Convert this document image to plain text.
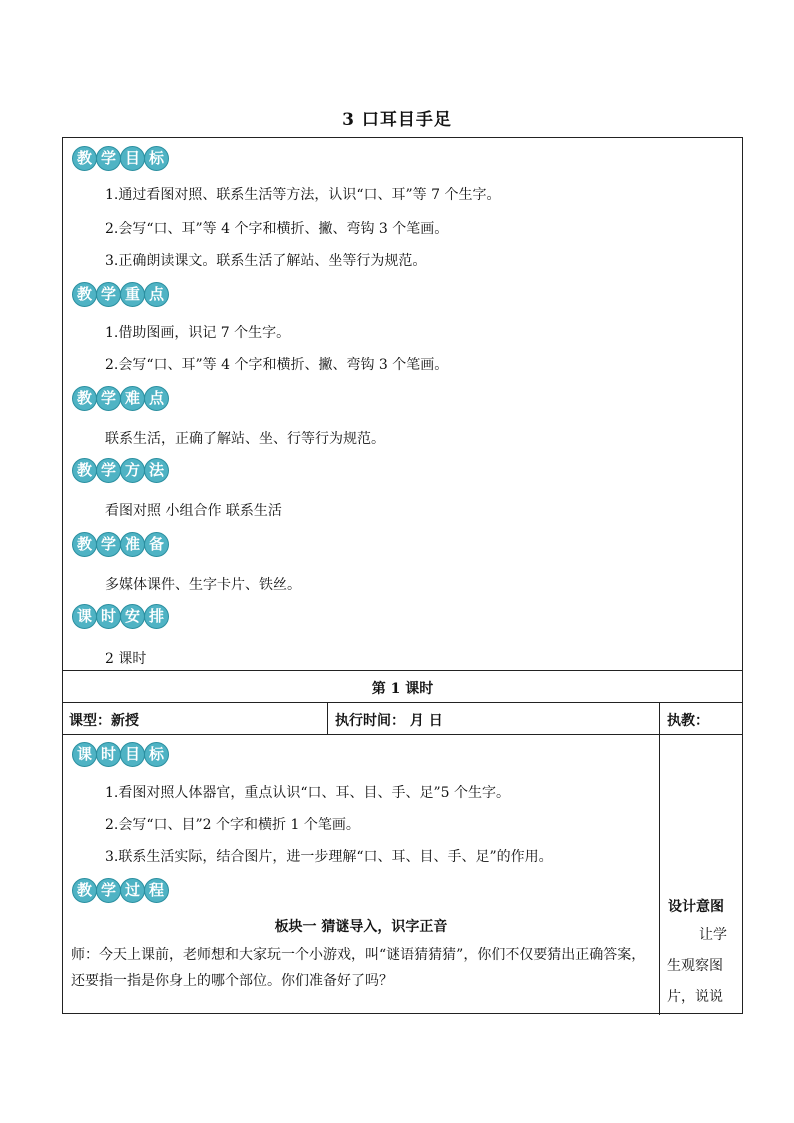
3 口耳目手足
教 学 目 标
1.通过看图对照、联系生活等方法，认识“口、耳”等 7 个生字。
2.会写“口、耳”等 4 个字和横折、撇、弯钩 3 个笔画。
3.正确朗读课文。联系生活了解站、坐等行为规范。
教 学 重 点
1.借助图画，识记 7 个生字。
2.会写“口、耳”等 4 个字和横折、撇、弯钩 3 个笔画。
教 学 难 点
联系生活，正确了解站、坐、行等行为规范。
教 学 方 法
看图对照 小组合作 联系生活
教 学 准 备
多媒体课件、生字卡片、铁丝。
课 时 安 排
2 课时
第 1 课时
课型：新授	执行时间： 月 日	执教：
课 时 目 标
1.看图对照人体器官，重点认识“口、耳、目、手、足”5 个生字。
2.会写“口、目”2 个字和横折 1 个笔画。
3.联系生活实际，结合图片，进一步理解“口、耳、目、手、足”的作用。
教 学 过 程
板块一 猜谜导入，识字正音
师：今天上课前，老师想和大家玩一个小游戏，叫“谜语猜猜猜”，你们不仅要猜出正确答案，还要指一指是你身上的哪个部位。你们准备好了吗？
设计意图
让学
生观察图
片，说说
